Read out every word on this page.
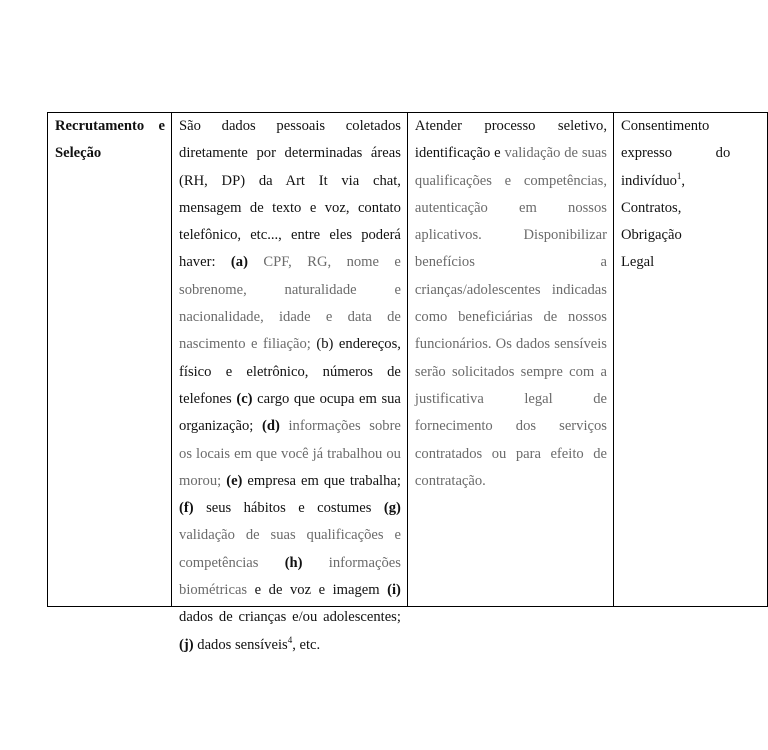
Recrutamento e
Seleção

São dados pessoais coletados diretamente por determinadas áreas (RH, DP) da Art It via chat, mensagem de texto e voz, contato telefônico, etc..., entre eles poderá haver: (a) CPF, RG, nome e sobrenome, naturalidade e nacionalidade, idade e data de nascimento e filiação; (b) endereços, físico e eletrônico, números de telefones (c) cargo que ocupa em sua organização; (d) informações sobre os locais em que você já trabalhou ou morou; (e) empresa em que trabalha; (f) seus hábitos e costumes (g) validação de suas qualificações e competências (h) informações biométricas e de voz e imagem (i) dados de crianças e/ou adolescentes; (j) dados sensíveis$^4$, etc.

Atender processo seletivo, identificação e validação de suas qualificações e competências, autenticação em nossos aplicativos. Disponibilizar benefícios a crianças/adolescentes indicadas como beneficiárias de nossos funcionários. Os dados sensíveis serão solicitados sempre com a justificativa legal de fornecimento dos serviços contratados ou para efeito de contratação.

Consentimento
expresso do
indivíduo$^1$,
Contratos,
Obrigação
Legal
